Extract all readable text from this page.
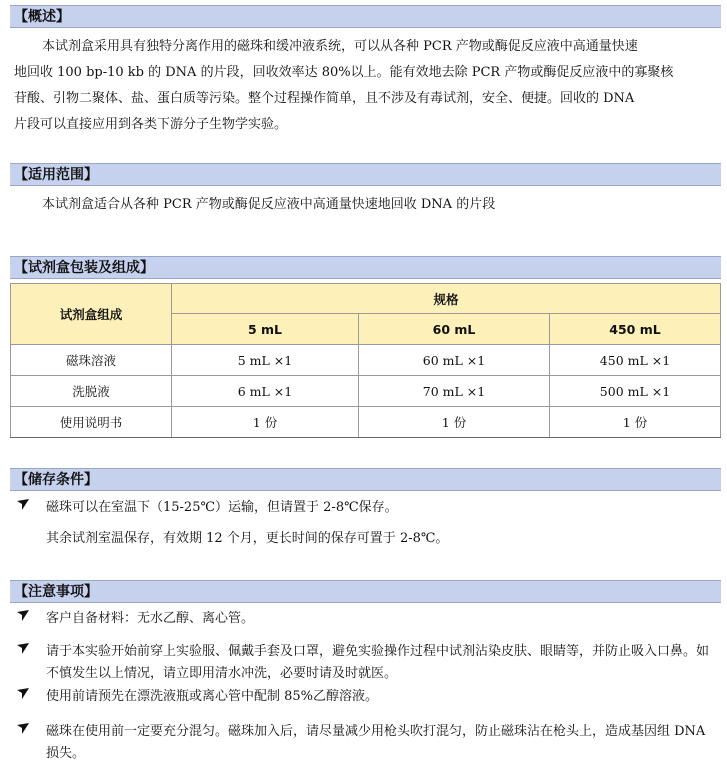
【概述】
本试剂盒采用具有独特分离作用的磁珠和缓冲液系统，可以从各种 PCR 产物或酶促反应液中高通量快速
地回收 100 bp-10 kb 的 DNA 的片段，回收效率达 80%以上。能有效地去除 PCR 产物或酶促反应液中的寡聚核
苷酸、引物二聚体、盐、蛋白质等污染。整个过程操作简单，且不涉及有毒试剂，安全、便捷。回收的 DNA
片段可以直接应用到各类下游分子生物学实验。
【适用范围】
本试剂盒适合从各种 PCR 产物或酶促反应液中高通量快速地回收 DNA 的片段
【试剂盒包装及组成】
试剂盒组成	规格		
	5 mL	60 mL	450 mL
磁珠溶液	5 mL ×1	60 mL ×1	450 mL ×1
洗脱液	6 mL ×1	70 mL ×1	500 mL ×1
使用说明书	1 份	1 份	1 份
【储存条件】
磁珠可以在室温下（15-25℃）运输，但请置于 2-8℃保存。
其余试剂室温保存，有效期 12 个月，更长时间的保存可置于 2-8℃。
【注意事项】
客户自备材料：无水乙醇、离心管。
请于本实验开始前穿上实验服、佩戴手套及口罩，避免实验操作过程中试剂沾染皮肤、眼睛等，并防止吸入口鼻。如不慎发生以上情况，请立即用清水冲洗，必要时请及时就医。
使用前请预先在漂洗液瓶或离心管中配制 85%乙醇溶液。
磁珠在使用前一定要充分混匀。磁珠加入后，请尽量减少用枪头吹打混匀，防止磁珠沾在枪头上，造成基因组 DNA 损失。
